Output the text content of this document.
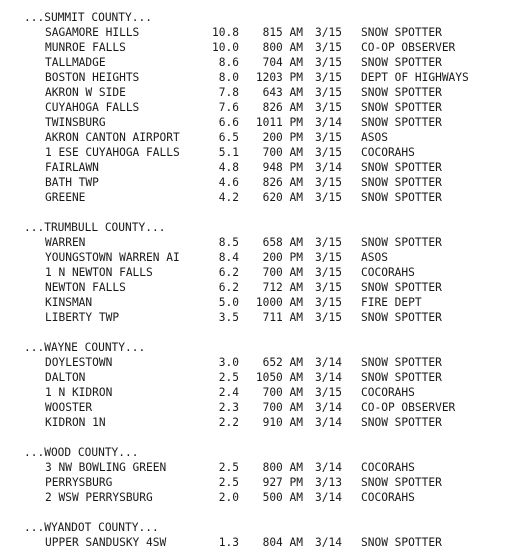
...SUMMIT COUNTY...
SAGAMORE HILLS	10.8	815 AM 3/15 SNOW SPOTTER
MUNROE FALLS	10.0	800 AM 3/15 CO-OP OBSERVER
TALLMADGE	8.6	704 AM 3/15 SNOW SPOTTER
BOSTON HEIGHTS	8.0	1203 PM 3/15 DEPT OF HIGHWAYS
AKRON W SIDE	7.8	643 AM 3/15 SNOW SPOTTER
CUYAHOGA FALLS	7.6	826 AM 3/15 SNOW SPOTTER
TWINSBURG	6.6	1011 PM 3/14 SNOW SPOTTER
AKRON CANTON AIRPORT	6.5	200 PM 3/15 ASOS
1 ESE CUYAHOGA FALLS	5.1	700 AM 3/15 COCORAHS
FAIRLAWN	4.8	948 PM 3/14 SNOW SPOTTER
BATH TWP	4.6	826 AM 3/15 SNOW SPOTTER
GREENE	4.2	620 AM 3/15 SNOW SPOTTER
...TRUMBULL COUNTY...
WARREN	8.5	658 AM 3/15 SNOW SPOTTER
YOUNGSTOWN WARREN AI	8.4	200 PM 3/15 ASOS
1 N NEWTON FALLS	6.2	700 AM 3/15 COCORAHS
NEWTON FALLS	6.2	712 AM 3/15 SNOW SPOTTER
KINSMAN	5.0	1000 AM 3/15 FIRE DEPT
LIBERTY TWP	3.5	711 AM 3/15 SNOW SPOTTER
...WAYNE COUNTY...
DOYLESTOWN	3.0	652 AM 3/14 SNOW SPOTTER
DALTON	2.5	1050 AM 3/14 SNOW SPOTTER
1 N KIDRON	2.4	700 AM 3/15 COCORAHS
WOOSTER	2.3	700 AM 3/14 CO-OP OBSERVER
KIDRON 1N	2.2	910 AM 3/14 SNOW SPOTTER
...WOOD COUNTY...
3 NW BOWLING GREEN	2.5	800 AM 3/14 COCORAHS
PERRYSBURG	2.5	927 PM 3/13 SNOW SPOTTER
2 WSW PERRYSBURG	2.0	500 AM 3/14 COCORAHS
...WYANDOT COUNTY...
UPPER SANDUSKY 4SW	1.3	804 AM 3/14 SNOW SPOTTER
